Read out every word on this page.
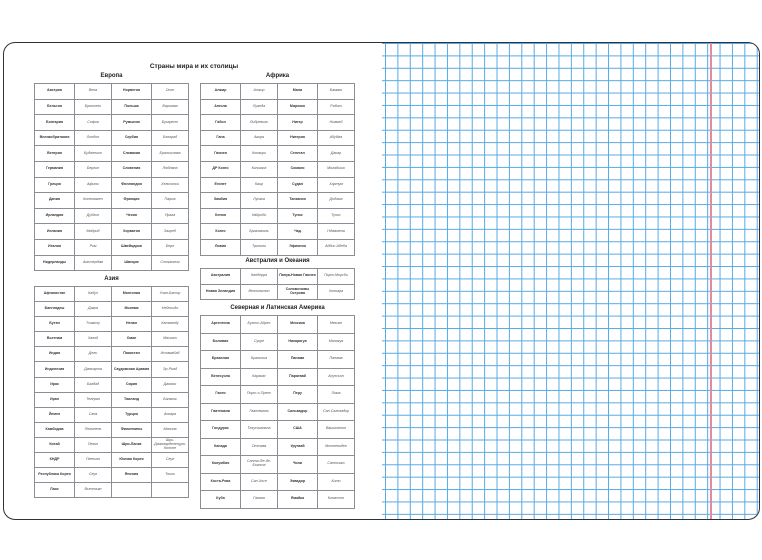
Страны мира и их столицы
Европа
Австрия	Вена	Норвегия	Осло
Бельгия	Брюссель	Польша	Варшава
Болгария	София	Румыния	Бухарест
Великобритания	Лондон	Сербия	Белград
Венгрия	Будапешт	Словакия	Братислава
Германия	Берлин	Словения	Любляна
Греция	Афины	Финляндия	Хельсинки
Дания	Копенгаген	Франция	Париж
Ирландия	Дублин	Чехия	Прага
Испания	Мадрид	Хорватия	Загреб
Италия	Рим	Швейцария	Берн
Нидерланды	Амстердам	Швеция	Стокгольм
Азия
Афганистан	Кабул	Монголия	Улан-Батор
Бангладеш	Дакка	Мьянма	Нейпьидо
Бутан	Тхимпху	Непал	Катманду
Вьетнам	Ханой	Оман	Маскат
Индия	Дели	Пакистан	Исламабад
Индонезия	Джакарта	Саудовская Аравия	Эр-Рияд
Ирак	Багдад	Сирия	Дамаск
Иран	Тегеран	Таиланд	Бангкок
Йемен	Сана	Турция	Анкара
Камбоджа	Пномпень	Филиппины	Манила
Китай	Пекин	Шри-Ланка	Шри-Джаяварденепура-Котте
КНДР	Пхеньян	Южная Корея	Сеул
Республика Корея	Сеул	Япония	Токио
Лаос	Вьентьян		
Африка
Алжир	Алжир	Мали	Бамако
Ангола	Луанда	Марокко	Рабат
Габон	Либревиль	Нигер	Ниамей
Гана	Аккра	Нигерия	Абуджа
Гвинея	Конакри	Сенегал	Дакар
ДР Конго	Киншаса	Сомали	Могадишо
Египет	Каир	Судан	Хартум
Замбия	Лусака	Танзания	Додома
Кения	Найроби	Тунис	Тунис
Конго	Браззавиль	Чад	Нджамена
Ливия	Триполи	Эфиопия	Аддис-Абеба
Австралия и Океания
Австралия	Канберра	Папуа-Новая Гвинея	Порт-Морсби
Новая Зеландия	Веллингтон	Соломоновы Острова	Хониара
Северная и Латинская Америка
Аргентина	Буэнос-Айрес	Мексика	Мехико
Боливия	Сукре	Никарагуа	Манагуа
Бразилия	Бразилиа	Панама	Панама
Венесуэла	Каракас	Парагвай	Асунсьон
Гаити	Порт-о-Пренс	Перу	Лима
Гватемала	Гватемала	Сальвадор	Сан-Сальвадор
Гондурас	Тегусигальпа	США	Вашингтон
Канада	Оттава	Уругвай	Монтевидео
Колумбия	Санта-Фе-де-Богота	Чили	Сантьяго
Коста-Рика	Сан-Хосе	Эквадор	Кито
Куба	Гавана	Ямайка	Кингстон
